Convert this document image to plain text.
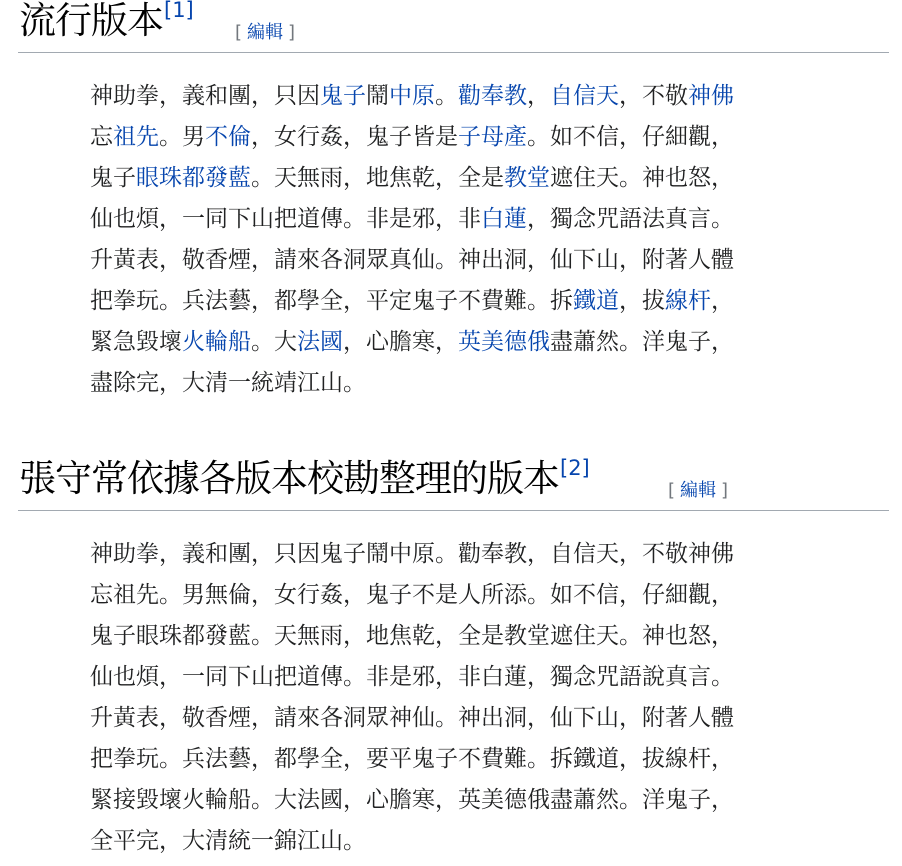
流行版本[1]
[ 編輯 ]
神助拳，義和團，只因鬼子鬧中原。勸奉教，自信天，不敬神佛
忘祖先。男不倫，女行姦，鬼子皆是子母產。如不信，仔細觀，
鬼子眼珠都發藍。天無雨，地焦乾，全是教堂遮住天。神也怒，
仙也煩，一同下山把道傳。非是邪，非白蓮，獨念咒語法真言。
升黃表，敬香煙，請來各洞眾真仙。神出洞，仙下山，附著人體
把拳玩。兵法藝，都學全，平定鬼子不費難。拆鐵道，拔線杆，
緊急毀壞火輪船。大法國，心膽寒，英美德俄盡蕭然。洋鬼子，
盡除完，大清一統靖江山。
張守常依據各版本校勘整理的版本[2]
[ 編輯 ]
神助拳，義和團，只因鬼子鬧中原。勸奉教，自信天，不敬神佛
忘祖先。男無倫，女行姦，鬼子不是人所添。如不信，仔細觀，
鬼子眼珠都發藍。天無雨，地焦乾，全是教堂遮住天。神也怒，
仙也煩，一同下山把道傳。非是邪，非白蓮，獨念咒語說真言。
升黃表，敬香煙，請來各洞眾神仙。神出洞，仙下山，附著人體
把拳玩。兵法藝，都學全，要平鬼子不費難。拆鐵道，拔線杆，
緊接毀壞火輪船。大法國，心膽寒，英美德俄盡蕭然。洋鬼子，
全平完，大清統一錦江山。
